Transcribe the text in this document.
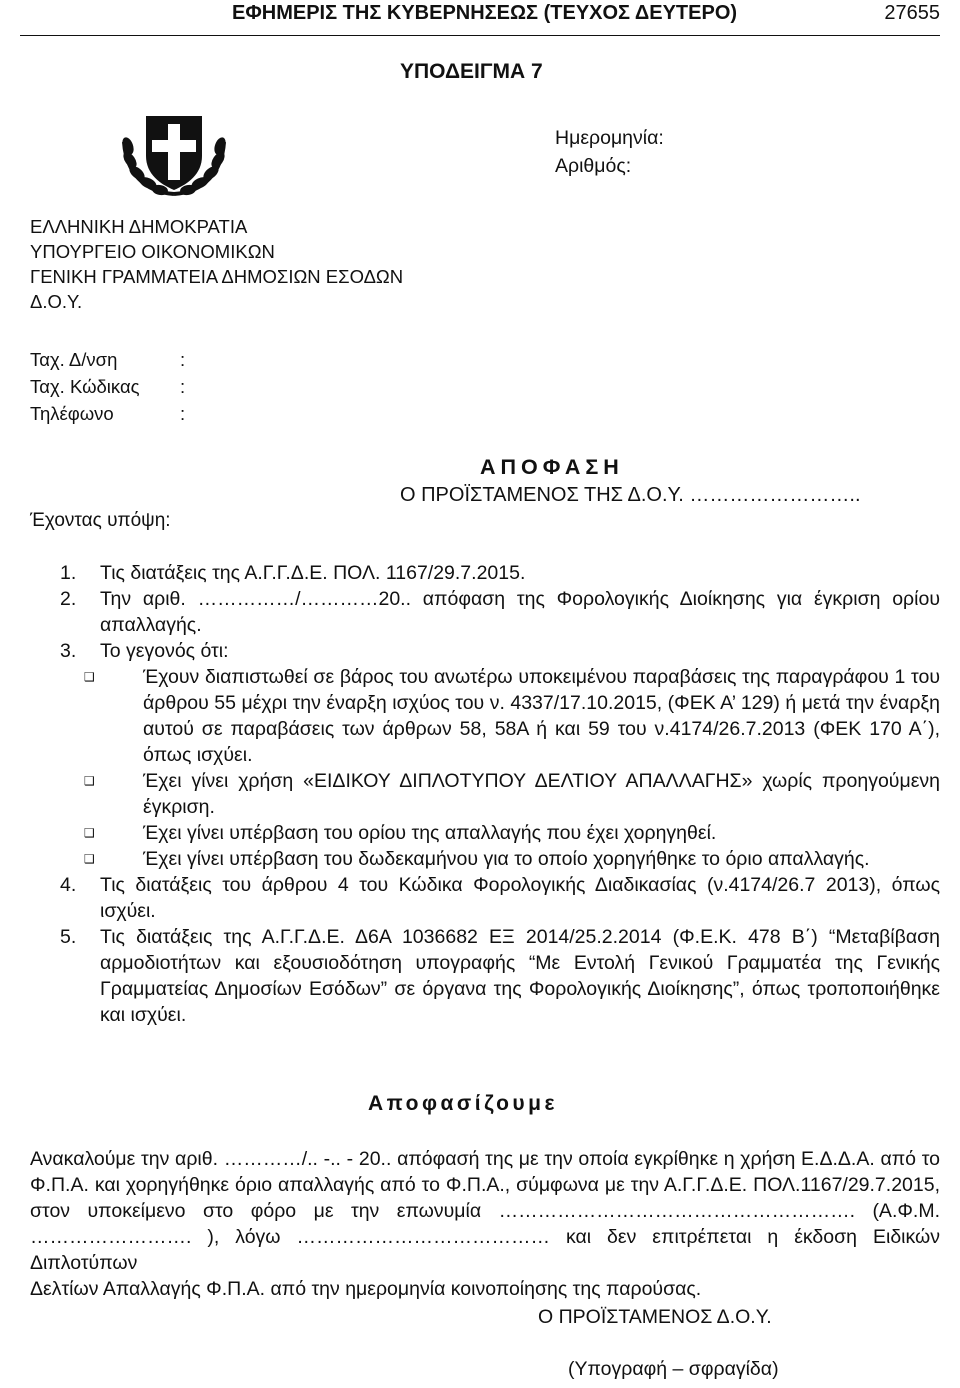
ΕΦΗΜΕΡΙΣ ΤΗΣ ΚΥΒΕΡΝΗΣΕΩΣ (ΤΕΥΧΟΣ ΔΕΥΤΕΡΟ)	27655
ΥΠΟΔΕΙΓΜΑ 7
Ημερομηνία:
Αριθμός:
ΕΛΛΗΝΙΚΗ ΔΗΜΟΚΡΑΤΙΑ
ΥΠΟΥΡΓΕΙΟ ΟΙΚΟΝΟΜΙΚΩΝ
ΓΕΝΙΚΗ ΓΡΑΜΜΑΤΕΙΑ ΔΗΜΟΣΙΩΝ ΕΣΟΔΩΝ
Δ.Ο.Υ.
Ταχ. Δ/νση	:
Ταχ. Κώδικας	:
Τηλέφωνο	:
ΑΠΟΦΑΣΗ
Ο ΠΡΟΪΣΤΑΜΕΝΟΣ ΤΗΣ Δ.Ο.Υ. ……………………..
Έχοντας υπόψη:
1.	Τις διατάξεις της Α.Γ.Γ.Δ.Ε. ΠΟΛ. 1167/29.7.2015.
2.	Την αριθ. ……………/…………20.. απόφαση της Φορολογικής Διοίκησης για έγκριση ορίου απαλλαγής.
3.	Το γεγονός ότι:
❑	Έχουν διαπιστωθεί σε βάρος του ανωτέρω υποκειμένου παραβάσεις της παραγράφου 1 του άρθρου 55 μέχρι την έναρξη ισχύος του ν. 4337/17.10.2015, (ΦΕΚ Α’ 129) ή μετά την έναρξη αυτού σε παραβάσεις των άρθρων 58, 58Α ή και 59 του ν.4174/26.7.2013 (ΦΕΚ 170 Α΄), όπως ισχύει.
❑	Έχει γίνει χρήση «ΕΙΔΙΚΟΥ ΔΙΠΛΟΤΥΠΟΥ ΔΕΛΤΙΟΥ ΑΠΑΛΛΑΓΗΣ» χωρίς προηγούμενη έγκριση.
❑	Έχει γίνει υπέρβαση του ορίου της απαλλαγής που έχει χορηγηθεί.
❑	Έχει γίνει υπέρβαση του δωδεκαμήνου για το οποίο χορηγήθηκε το όριο απαλλαγής.
4.	Τις διατάξεις του άρθρου 4 του Κώδικα Φορολογικής Διαδικασίας (ν.4174/26.7 2013), όπως ισχύει.
5.	Τις διατάξεις της Α.Γ.Γ.Δ.Ε. Δ6Α 1036682 ΕΞ 2014/25.2.2014 (Φ.Ε.Κ. 478 Β΄) “Μεταβίβαση αρμοδιοτήτων και εξουσιοδότηση υπογραφής “Με Εντολή Γενικού Γραμματέα της Γενικής Γραμματείας Δημοσίων Εσόδων” σε όργανα της Φορολογικής Διοίκησης”, όπως τροποποιήθηκε και ισχύει.
Αποφασίζουμε
Ανακαλούμε την αριθ. …………/.. -.. - 20.. απόφασή της με την οποία εγκρίθηκε η χρήση Ε.Δ.Δ.Α. από το Φ.Π.Α. και χορηγήθηκε όριο απαλλαγής από το Φ.Π.Α., σύμφωνα με την Α.Γ.Γ.Δ.Ε. ΠΟΛ.1167/29.7.2015, στον υποκείμενο στο φόρο με την επωνυμία ………………………………………………. (Α.Φ.Μ. ……………………. ), λόγω ………………………………… και δεν επιτρέπεται η έκδοση Ειδικών Διπλοτύπων
Δελτίων Απαλλαγής Φ.Π.Α. από την ημερομηνία κοινοποίησης της παρούσας.
Ο ΠΡΟΪΣΤΑΜΕΝΟΣ Δ.Ο.Υ.
(Υπογραφή – σφραγίδα)
